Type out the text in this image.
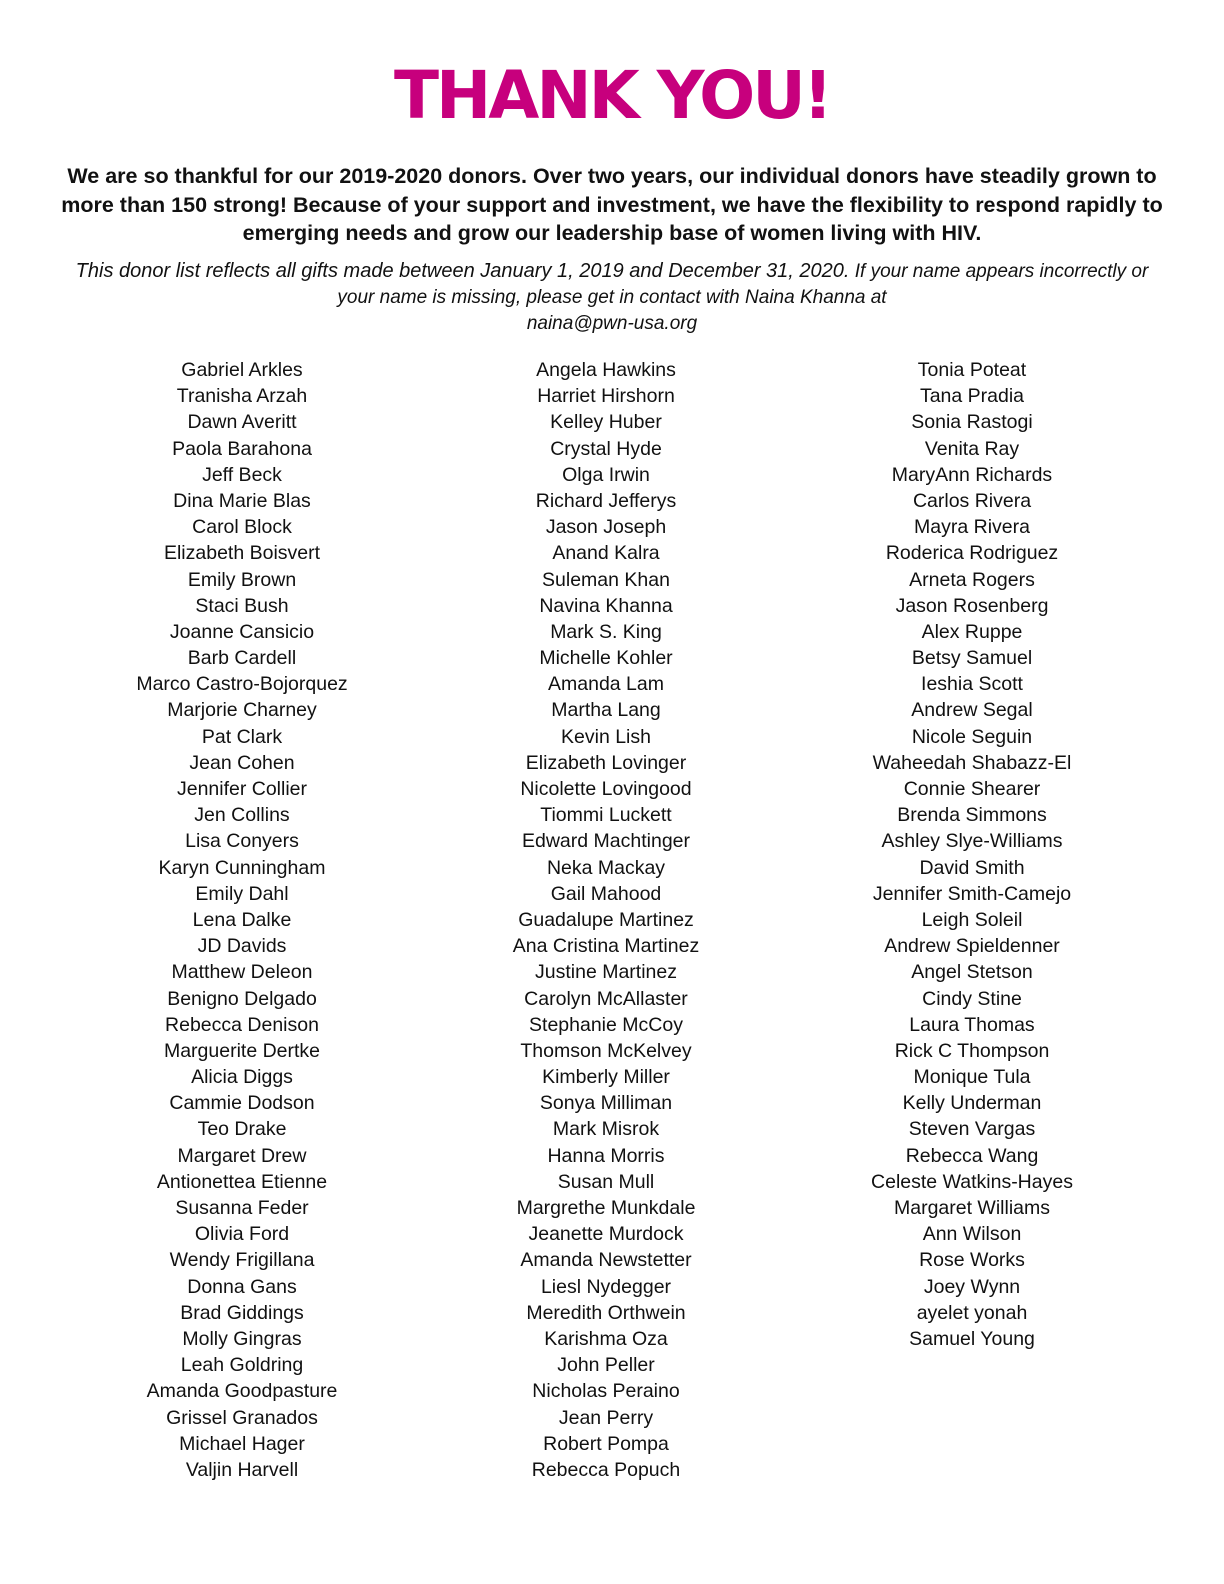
THANK YOU!

We are so thankful for our 2019-2020 donors. Over two years, our individual donors have steadily grown to more than 150 strong! Because of your support and investment, we have the flexibility to respond rapidly to emerging needs and grow our leadership base of women living with HIV.

This donor list reflects all gifts made between January 1, 2019 and December 31, 2020. If your name appears incorrectly or your name is missing, please get in contact with Naina Khanna at
naina@pwn-usa.org

Gabriel Arkles
Tranisha Arzah
Dawn Averitt
Paola Barahona
Jeff Beck
Dina Marie Blas
Carol Block
Elizabeth Boisvert
Emily Brown
Staci Bush
Joanne Cansicio
Barb Cardell
Marco Castro-Bojorquez
Marjorie Charney
Pat Clark
Jean Cohen
Jennifer Collier
Jen Collins
Lisa Conyers
Karyn Cunningham
Emily Dahl
Lena Dalke
JD Davids
Matthew Deleon
Benigno Delgado
Rebecca Denison
Marguerite Dertke
Alicia Diggs
Cammie Dodson
Teo Drake
Margaret Drew
Antionettea Etienne
Susanna Feder
Olivia Ford
Wendy Frigillana
Donna Gans
Brad Giddings
Molly Gingras
Leah Goldring
Amanda Goodpasture
Grissel Granados
Michael Hager
Valjin Harvell
Angela Hawkins
Harriet Hirshorn
Kelley Huber
Crystal Hyde
Olga Irwin
Richard Jefferys
Jason Joseph
Anand Kalra
Suleman Khan
Navina Khanna
Mark S. King
Michelle Kohler
Amanda Lam
Martha Lang
Kevin Lish
Elizabeth Lovinger
Nicolette Lovingood
Tiommi Luckett
Edward Machtinger
Neka Mackay
Gail Mahood
Guadalupe Martinez
Ana Cristina Martinez
Justine Martinez
Carolyn McAllaster
Stephanie McCoy
Thomson McKelvey
Kimberly Miller
Sonya Milliman
Mark Misrok
Hanna Morris
Susan Mull
Margrethe Munkdale
Jeanette Murdock
Amanda Newstetter
Liesl Nydegger
Meredith Orthwein
Karishma Oza
John Peller
Nicholas Peraino
Jean Perry
Robert Pompa
Rebecca Popuch
Tonia Poteat
Tana Pradia
Sonia Rastogi
Venita Ray
MaryAnn Richards
Carlos Rivera
Mayra Rivera
Roderica Rodriguez
Arneta Rogers
Jason Rosenberg
Alex Ruppe
Betsy Samuel
Ieshia Scott
Andrew Segal
Nicole Seguin
Waheedah Shabazz-El
Connie Shearer
Brenda Simmons
Ashley Slye-Williams
David Smith
Jennifer Smith-Camejo
Leigh Soleil
Andrew Spieldenner
Angel Stetson
Cindy Stine
Laura Thomas
Rick C Thompson
Monique Tula
Kelly Underman
Steven Vargas
Rebecca Wang
Celeste Watkins-Hayes
Margaret Williams
Ann Wilson
Rose Works
Joey Wynn
ayelet yonah
Samuel Young
